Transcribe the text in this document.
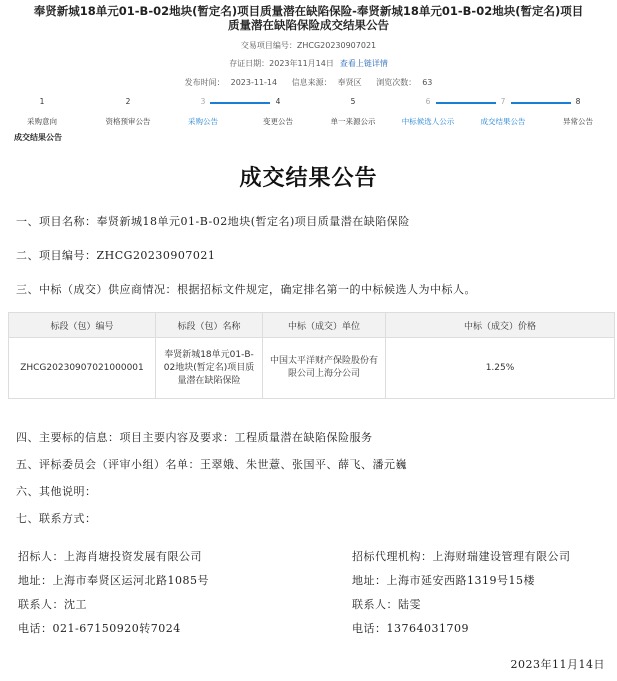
奉贤新城18单元01-B-02地块(暂定名)项目质量潜在缺陷保险-奉贤新城18单元01-B-02地块(暂定名)项目质量潜在缺陷保险成交结果公告
交易项目编号：ZHCG20230907021
存证日期：2023年11月14日 查看上链详情
发布时间： 2023-11-14 信息来源： 奉贤区 浏览次数： 63
1
采购意向
2
资格预审公告
3
采购公告
4
变更公告
5
单一来源公示
6
中标候选人公示
7
成交结果公告
8
异常公告
成交结果公告
成交结果公告
一、项目名称：奉贤新城18单元01-B-02地块(暂定名)项目质量潜在缺陷保险
二、项目编号：ZHCG20230907021
三、中标（成交）供应商情况：根据招标文件规定，确定排名第一的中标候选人为中标人。
标段（包）编号	标段（包）名称	中标（成交）单位	中标（成交）价格
ZHCG20230907021000001	奉贤新城18单元01-B-02地块(暂定名)项目质量潜在缺陷保险	中国太平洋财产保险股份有限公司上海分公司	1.25%
四、主要标的信息：项目主要内容及要求：工程质量潜在缺陷保险服务
五、评标委员会（评审小组）名单：王翠娥、朱世薏、张国平、薛飞、潘元巍
六、其他说明：
七、联系方式：
招标人：上海肖塘投资发展有限公司
地址：上海市奉贤区运河北路1085号
联系人：沈工
电话：021-67150920转7024
招标代理机构：上海财瑞建设管理有限公司
地址：上海市延安西路1319号15楼
联系人：陆雯
电话：13764031709
2023年11月14日
